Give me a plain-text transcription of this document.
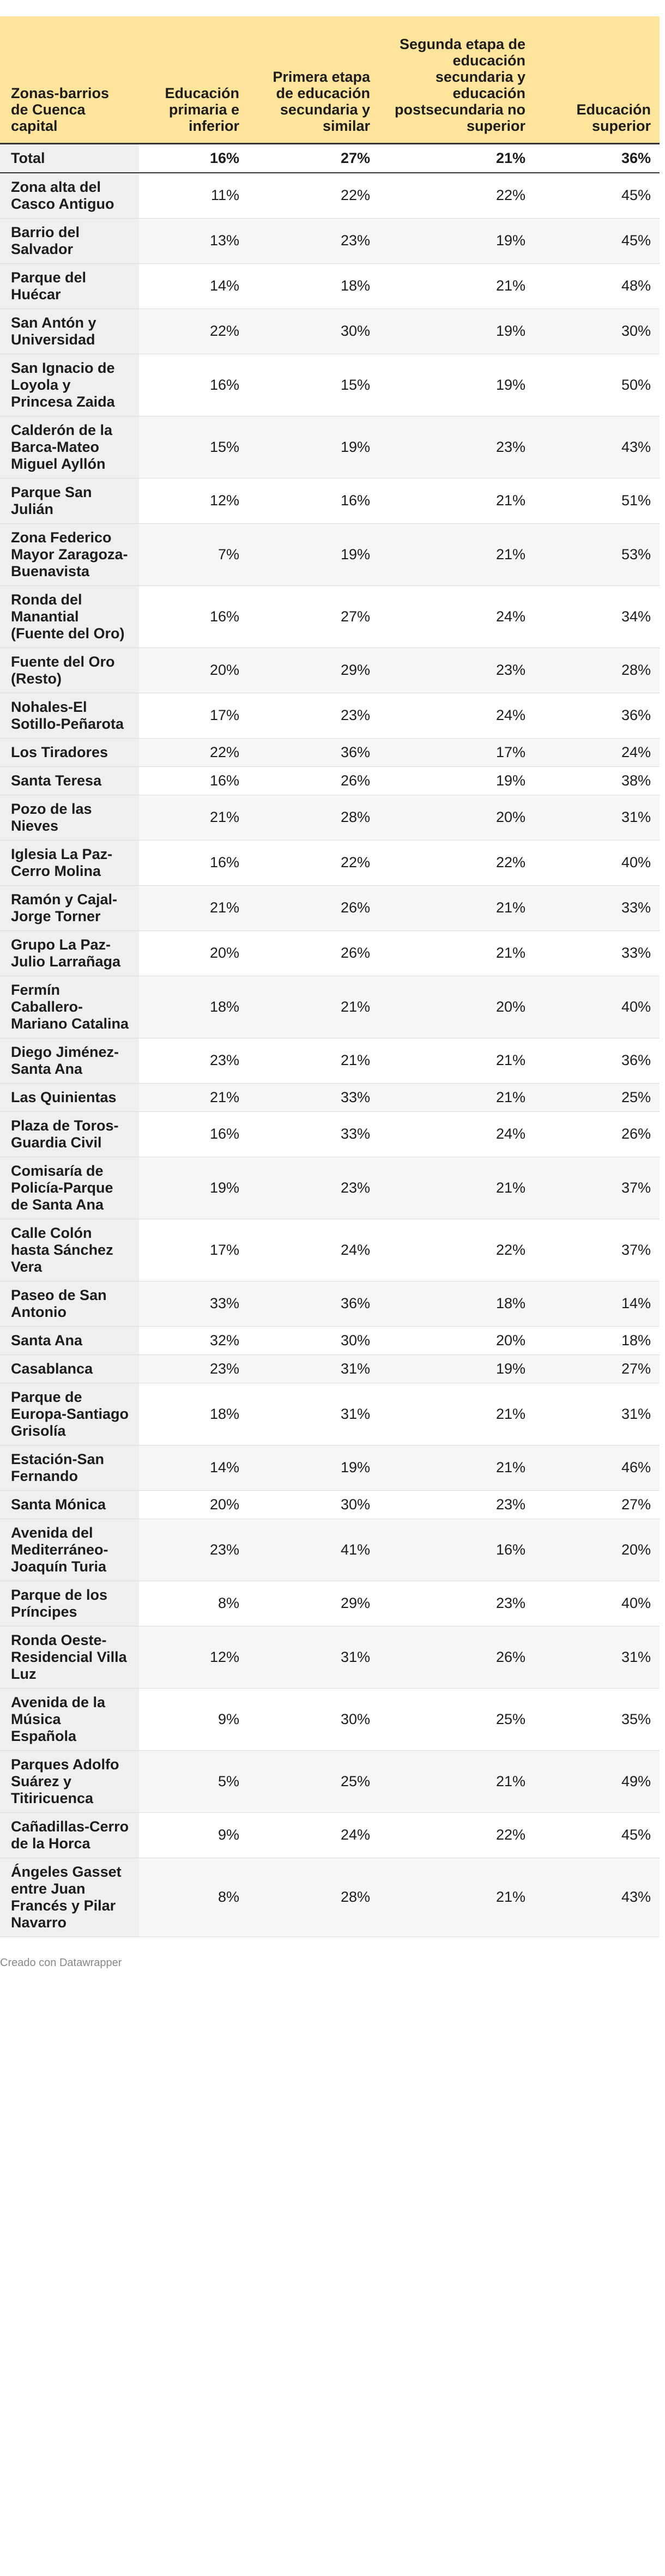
Zonas-barrios de Cuenca capital	Educación primaria e inferior	Primera etapa de educación secundaria y similar	Segunda etapa de educación secundaria y educación postsecundaria no superior	Educación superior
Total	16%	27%	21%	36%
Zona alta del Casco Antiguo	11%	22%	22%	45%
Barrio del Salvador	13%	23%	19%	45%
Parque del Huécar	14%	18%	21%	48%
San Antón y Universidad	22%	30%	19%	30%
San Ignacio de Loyola y Princesa Zaida	16%	15%	19%	50%
Calderón de la Barca-Mateo Miguel Ayllón	15%	19%	23%	43%
Parque San Julián	12%	16%	21%	51%
Zona Federico Mayor Zaragoza-Buenavista	7%	19%	21%	53%
Ronda del Manantial (Fuente del Oro)	16%	27%	24%	34%
Fuente del Oro (Resto)	20%	29%	23%	28%
Nohales-El Sotillo-Peñarota	17%	23%	24%	36%
Los Tiradores	22%	36%	17%	24%
Santa Teresa	16%	26%	19%	38%
Pozo de las Nieves	21%	28%	20%	31%
Iglesia La Paz-Cerro Molina	16%	22%	22%	40%
Ramón y Cajal-Jorge Torner	21%	26%	21%	33%
Grupo La Paz-Julio Larrañaga	20%	26%	21%	33%
Fermín Caballero-Mariano Catalina	18%	21%	20%	40%
Diego Jiménez-Santa Ana	23%	21%	21%	36%
Las Quinientas	21%	33%	21%	25%
Plaza de Toros-Guardia Civil	16%	33%	24%	26%
Comisaría de Policía-Parque de Santa Ana	19%	23%	21%	37%
Calle Colón hasta Sánchez Vera	17%	24%	22%	37%
Paseo de San Antonio	33%	36%	18%	14%
Santa Ana	32%	30%	20%	18%
Casablanca	23%	31%	19%	27%
Parque de Europa-Santiago Grisolía	18%	31%	21%	31%
Estación-San Fernando	14%	19%	21%	46%
Santa Mónica	20%	30%	23%	27%
Avenida del Mediterráneo-Joaquín Turia	23%	41%	16%	20%
Parque de los Príncipes	8%	29%	23%	40%
Ronda Oeste-Residencial Villa Luz	12%	31%	26%	31%
Avenida de la Música Española	9%	30%	25%	35%
Parques Adolfo Suárez y Titiricuenca	5%	25%	21%	49%
Cañadillas-Cerro de la Horca	9%	24%	22%	45%
Ángeles Gasset entre Juan Francés y Pilar Navarro	8%	28%	21%	43%
Creado con Datawrapper
